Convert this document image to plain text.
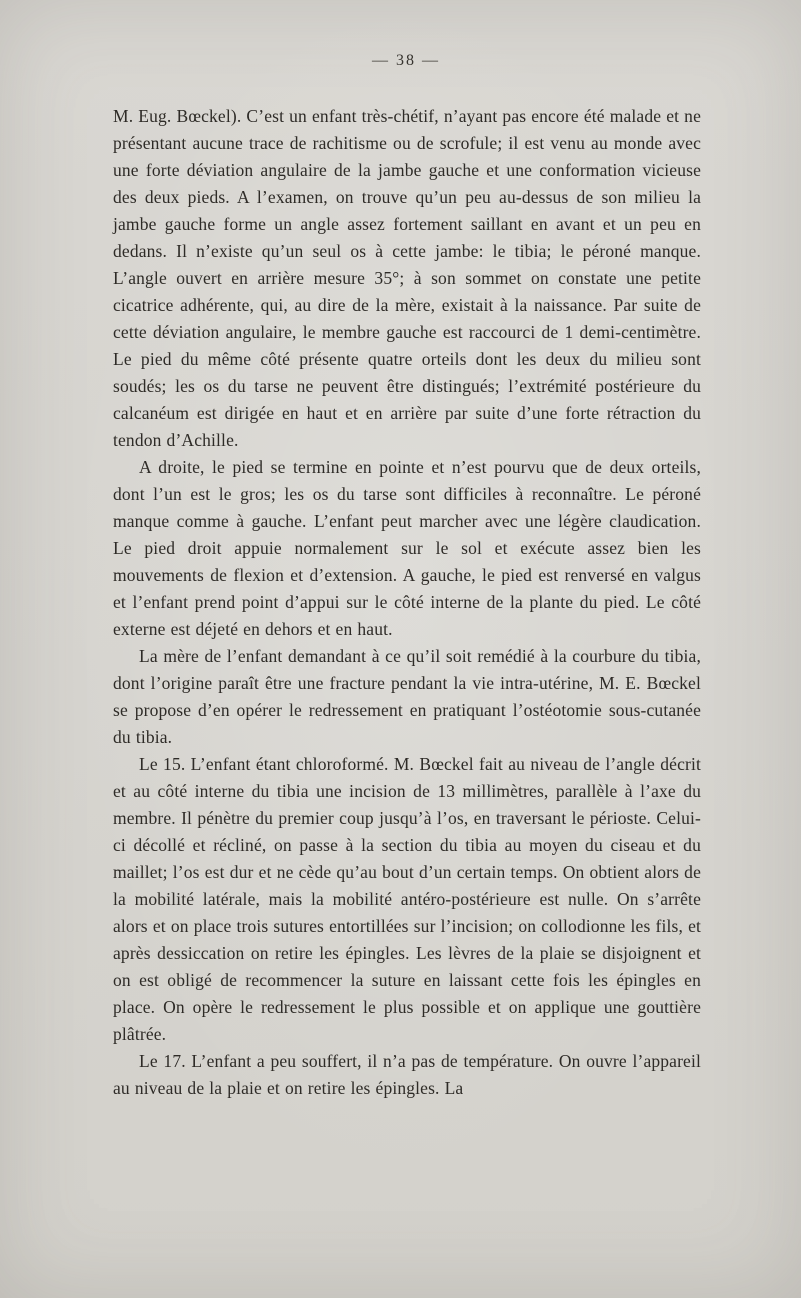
— 38 —

M. Eug. Bœckel). C’est un enfant très-chétif, n’ayant pas encore été malade et ne présentant aucune trace de rachitisme ou de scrofule; il est venu au monde avec une forte déviation angulaire de la jambe gauche et une conformation vicieuse des deux pieds. A l’examen, on trouve qu’un peu au-dessus de son milieu la jambe gauche forme un angle assez fortement saillant en avant et un peu en dedans. Il n’existe qu’un seul os à cette jambe: le tibia; le péroné manque. L’angle ouvert en arrière mesure 35°; à son sommet on constate une petite cicatrice adhérente, qui, au dire de la mère, existait à la naissance. Par suite de cette déviation angulaire, le membre gauche est raccourci de 1 demi-centimètre. Le pied du même côté présente quatre orteils dont les deux du milieu sont soudés; les os du tarse ne peuvent être distingués; l’extrémité postérieure du calcanéum est dirigée en haut et en arrière par suite d’une forte rétraction du tendon d’Achille.

A droite, le pied se termine en pointe et n’est pourvu que de deux orteils, dont l’un est le gros; les os du tarse sont difficiles à reconnaître. Le péroné manque comme à gauche. L’enfant peut marcher avec une légère claudication. Le pied droit appuie normalement sur le sol et exécute assez bien les mouvements de flexion et d’extension. A gauche, le pied est renversé en valgus et l’enfant prend point d’appui sur le côté interne de la plante du pied. Le côté externe est déjeté en dehors et en haut.

La mère de l’enfant demandant à ce qu’il soit remédié à la courbure du tibia, dont l’origine paraît être une fracture pendant la vie intra-utérine, M. E. Bœckel se propose d’en opérer le redressement en pratiquant l’ostéotomie sous-cutanée du tibia.

Le 15. L’enfant étant chloroformé. M. Bœckel fait au niveau de l’angle décrit et au côté interne du tibia une incision de 13 millimètres, parallèle à l’axe du membre. Il pénètre du premier coup jusqu’à l’os, en traversant le périoste. Celui-ci décollé et récliné, on passe à la section du tibia au moyen du ciseau et du maillet; l’os est dur et ne cède qu’au bout d’un certain temps. On obtient alors de la mobilité latérale, mais la mobilité antéro-postérieure est nulle. On s’arrête alors et on place trois sutures entortillées sur l’incision; on collodionne les fils, et après dessiccation on retire les épingles. Les lèvres de la plaie se disjoignent et on est obligé de recommencer la suture en laissant cette fois les épingles en place. On opère le redressement le plus possible et on applique une gouttière plâtrée.

Le 17. L’enfant a peu souffert, il n’a pas de température. On ouvre l’appareil au niveau de la plaie et on retire les épingles. La
